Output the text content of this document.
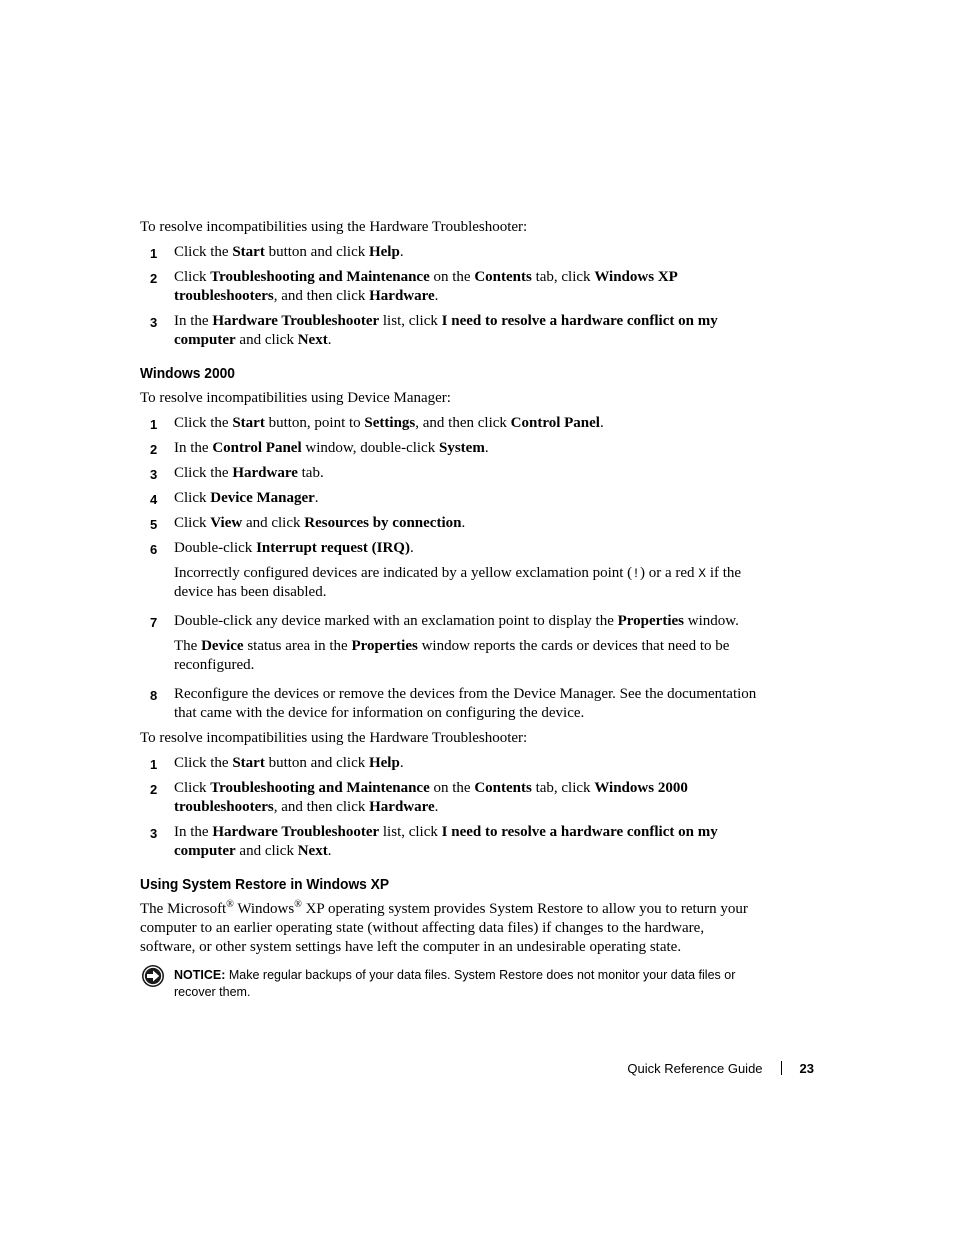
To resolve incompatibilities using the Hardware Troubleshooter:

1 Click the Start button and click Help.
2 Click Troubleshooting and Maintenance on the Contents tab, click Windows XP troubleshooters, and then click Hardware.
3 In the Hardware Troubleshooter list, click I need to resolve a hardware conflict on my computer and click Next.
Windows 2000

To resolve incompatibilities using Device Manager:

1 Click the Start button, point to Settings, and then click Control Panel.
2 In the Control Panel window, double-click System.
3 Click the Hardware tab.
4 Click Device Manager.
5 Click View and click Resources by connection.
6 Double-click Interrupt request (IRQ).

Incorrectly configured devices are indicated by a yellow exclamation point (!) or a red X if the device has been disabled.

7 Double-click any device marked with an exclamation point to display the Properties window.

The Device status area in the Properties window reports the cards or devices that need to be reconfigured.

8 Reconfigure the devices or remove the devices from the Device Manager. See the documentation that came with the device for information on configuring the device.

To resolve incompatibilities using the Hardware Troubleshooter:

1 Click the Start button and click Help.
2 Click Troubleshooting and Maintenance on the Contents tab, click Windows 2000 troubleshooters, and then click Hardware.
3 In the Hardware Troubleshooter list, click I need to resolve a hardware conflict on my computer and click Next.
Using System Restore in Windows XP

The Microsoft® Windows® XP operating system provides System Restore to allow you to return your computer to an earlier operating state (without affecting data files) if changes to the hardware, software, or other system settings have left the computer in an undesirable operating state.

NOTICE: Make regular backups of your data files. System Restore does not monitor your data files or recover them.
Quick Reference Guide	23
